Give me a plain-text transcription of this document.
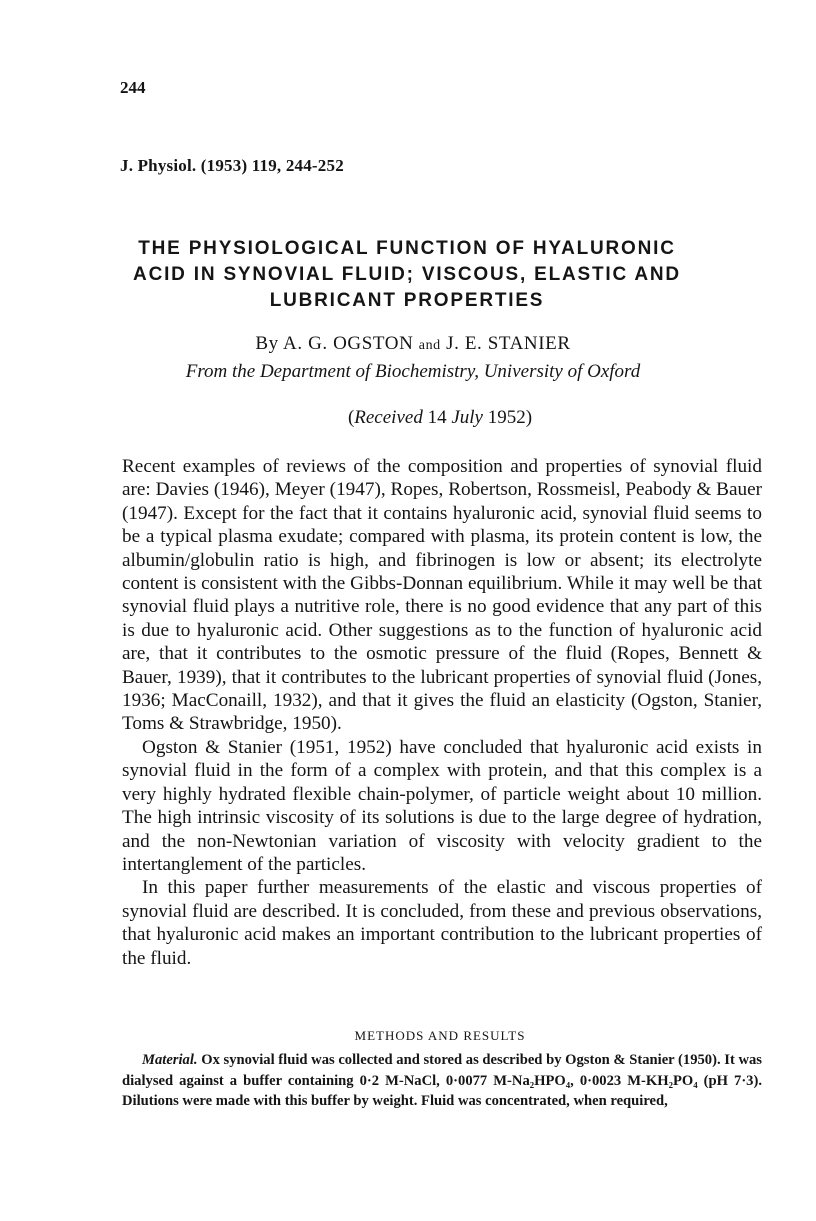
244
J. Physiol. (1953) 119, 244-252
THE PHYSIOLOGICAL FUNCTION OF HYALURONIC
ACID IN SYNOVIAL FLUID; VISCOUS, ELASTIC AND
LUBRICANT PROPERTIES
By A. G. OGSTON and J. E. STANIER
From the Department of Biochemistry, University of Oxford
(Received 14 July 1952)

Recent examples of reviews of the composition and properties of synovial fluid are: Davies (1946), Meyer (1947), Ropes, Robertson, Rossmeisl, Peabody & Bauer (1947). Except for the fact that it contains hyaluronic acid, synovial fluid seems to be a typical plasma exudate; compared with plasma, its protein content is low, the albumin/globulin ratio is high, and fibrinogen is low or absent; its electrolyte content is consistent with the Gibbs-Donnan equilibrium. While it may well be that synovial fluid plays a nutritive role, there is no good evidence that any part of this is due to hyaluronic acid. Other suggestions as to the function of hyaluronic acid are, that it contributes to the osmotic pressure of the fluid (Ropes, Bennett & Bauer, 1939), that it contributes to the lubricant properties of synovial fluid (Jones, 1936; MacConaill, 1932), and that it gives the fluid an elasticity (Ogston, Stanier, Toms & Strawbridge, 1950).

Ogston & Stanier (1951, 1952) have concluded that hyaluronic acid exists in synovial fluid in the form of a complex with protein, and that this complex is a very highly hydrated flexible chain-polymer, of particle weight about 10 million. The high intrinsic viscosity of its solutions is due to the large degree of hydration, and the non-Newtonian variation of viscosity with velocity gradient to the intertanglement of the particles.

In this paper further measurements of the elastic and viscous properties of synovial fluid are described. It is concluded, from these and previous observations, that hyaluronic acid makes an important contribution to the lubricant properties of the fluid.

METHODS AND RESULTS

Material. Ox synovial fluid was collected and stored as described by Ogston & Stanier (1950). It was dialysed against a buffer containing 0·2 M-NaCl, 0·0077 M-Na₂HPO₄, 0·0023 M-KH₂PO₄ (pH 7·3). Dilutions were made with this buffer by weight. Fluid was concentrated, when required,
